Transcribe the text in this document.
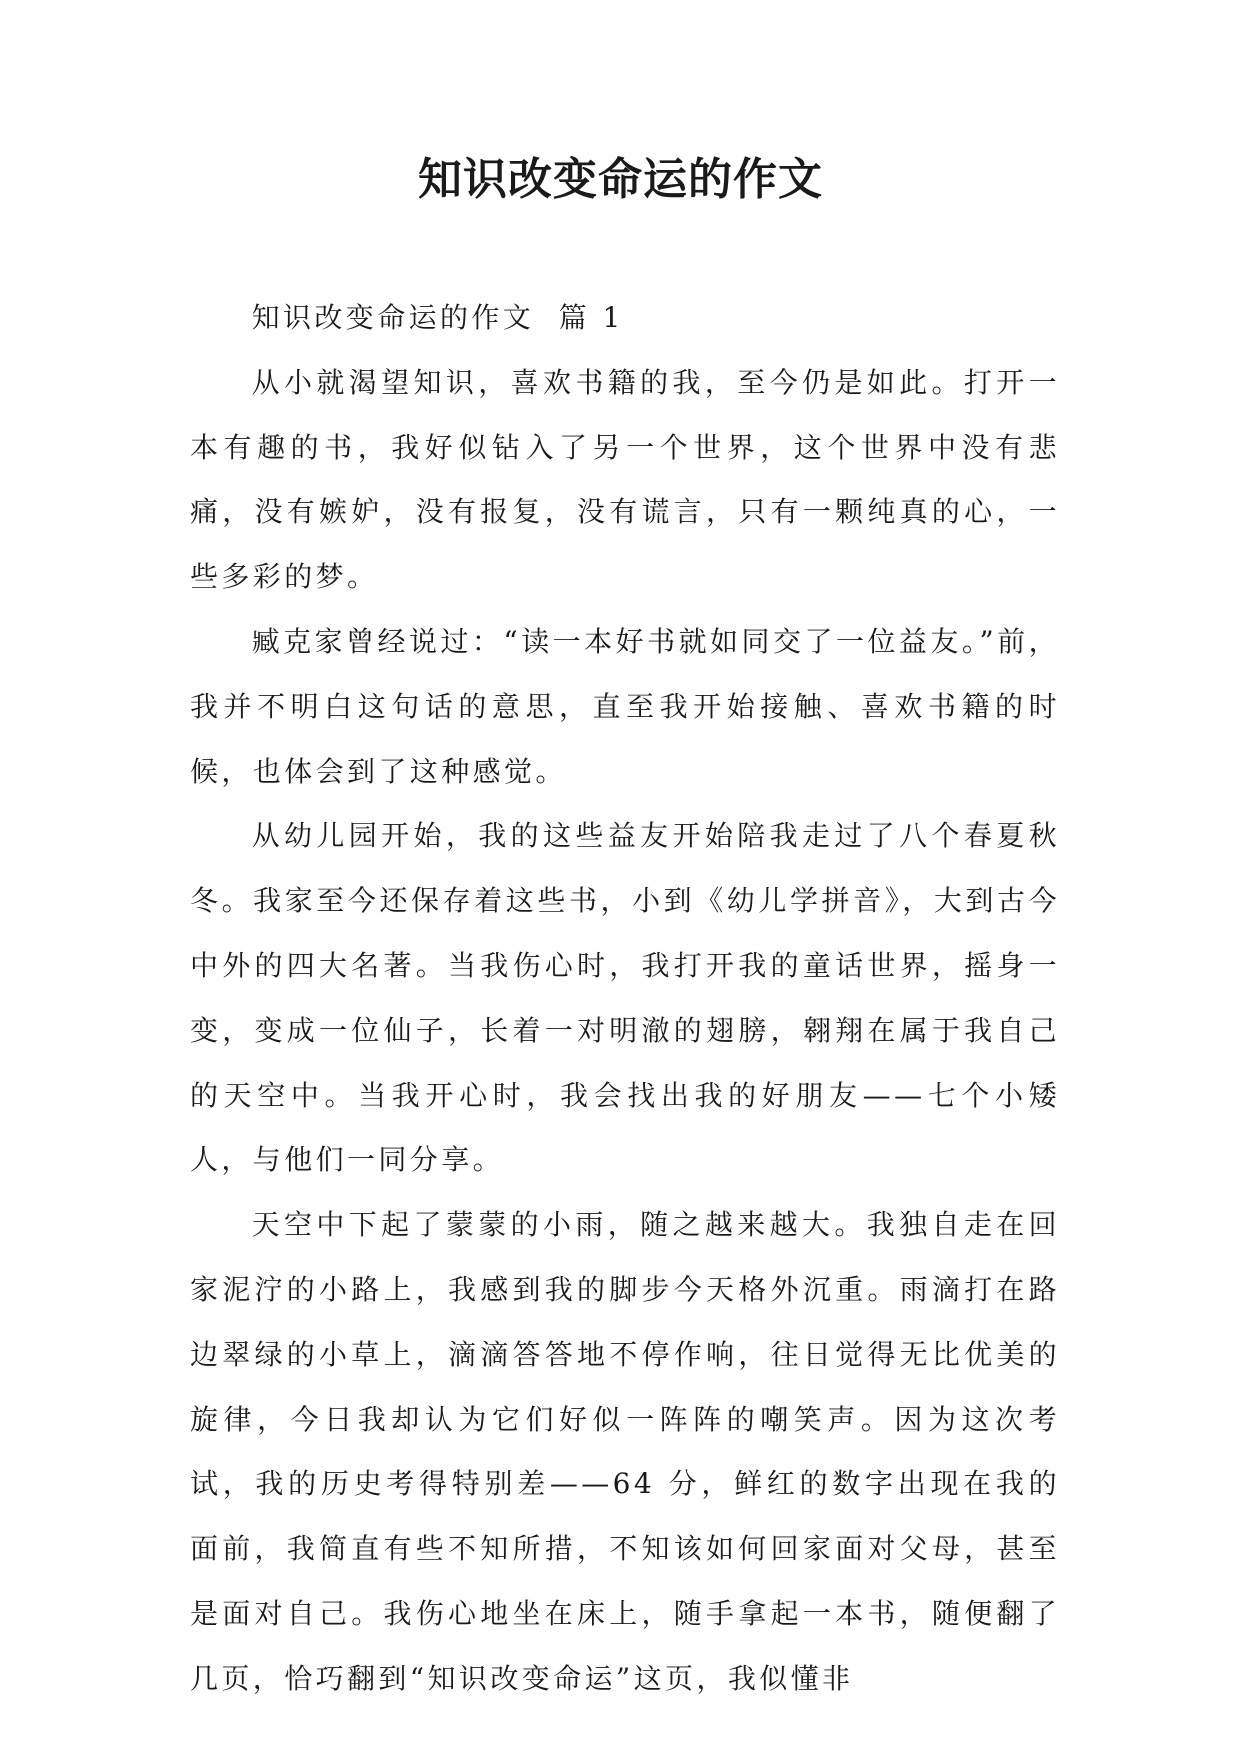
知识改变命运的作文

知识改变命运的作文  篇 1

从小就渴望知识，喜欢书籍的我，至今仍是如此。打开一本有趣的书，我好似钻入了另一个世界，这个世界中没有悲痛，没有嫉妒，没有报复，没有谎言，只有一颗纯真的心，一些多彩的梦。

臧克家曾经说过：“读一本好书就如同交了一位益友。”前，我并不明白这句话的意思，直至我开始接触、喜欢书籍的时候，也体会到了这种感觉。

从幼儿园开始，我的这些益友开始陪我走过了八个春夏秋冬。我家至今还保存着这些书，小到《幼儿学拼音》，大到古今中外的四大名著。当我伤心时，我打开我的童话世界，摇身一变，变成一位仙子，长着一对明澈的翅膀，翱翔在属于我自己的天空中。当我开心时，我会找出我的好朋友——七个小矮人，与他们一同分享。

天空中下起了蒙蒙的小雨，随之越来越大。我独自走在回家泥泞的小路上，我感到我的脚步今天格外沉重。雨滴打在路边翠绿的小草上，滴滴答答地不停作响，往日觉得无比优美的旋律，今日我却认为它们好似一阵阵的嘲笑声。因为这次考试，我的历史考得特别差——64 分，鲜红的数字出现在我的面前，我简直有些不知所措，不知该如何回家面对父母，甚至是面对自己。我伤心地坐在床上，随手拿起一本书，随便翻了几页，恰巧翻到“知识改变命运”这页，我似懂非
